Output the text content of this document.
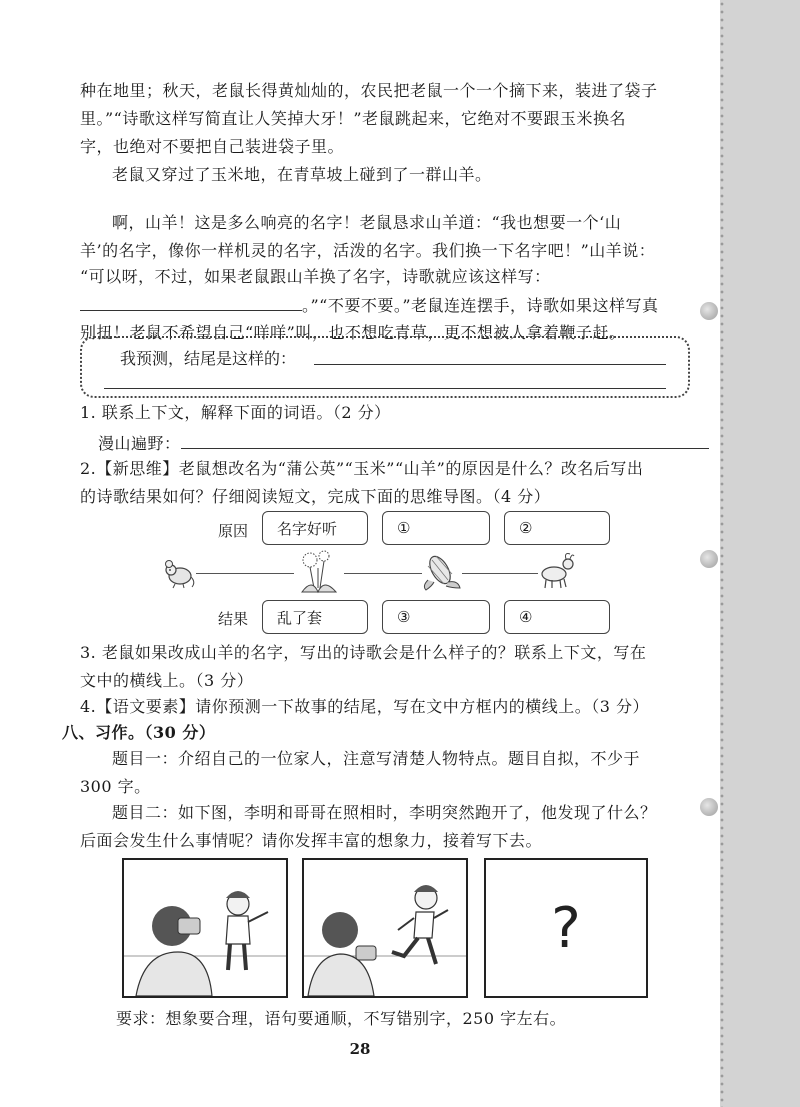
种在地里；秋天，老鼠长得黄灿灿的，农民把老鼠一个一个摘下来，装进了袋子
里。”“诗歌这样写简直让人笑掉大牙！”老鼠跳起来，它绝对不要跟玉米换名
字，也绝对不要把自己装进袋子里。
老鼠又穿过了玉米地，在青草坡上碰到了一群山羊。
啊，山羊！这是多么响亮的名字！老鼠恳求山羊道：“我也想要一个‘山
羊’的名字，像你一样机灵的名字，活泼的名字。我们换一下名字吧！”山羊说：
“可以呀，不过，如果老鼠跟山羊换了名字，诗歌就应该这样写：
。”“不要不要。”老鼠连连摆手，诗歌如果这样写真
别扭！老鼠不希望自己“咩咩”叫，也不想吃青草，更不想被人拿着鞭子赶。
我预测，结尾是这样的：
1. 联系上下文，解释下面的词语。（2 分）
漫山遍野：
2.【新思维】老鼠想改名为“蒲公英”“玉米”“山羊”的原因是什么？改名后写出
的诗歌结果如何？仔细阅读短文，完成下面的思维导图。（4 分）
原因	名字好听	①	②
结果	乱了套	③	④
3. 老鼠如果改成山羊的名字，写出的诗歌会是什么样子的？联系上下文，写在
文中的横线上。（3 分）
4.【语文要素】请你预测一下故事的结尾，写在文中方框内的横线上。（3 分）
八、习作。（30 分）
题目一：介绍自己的一位家人，注意写清楚人物特点。题目自拟，不少于
300 字。
题目二：如下图，李明和哥哥在照相时，李明突然跑开了，他发现了什么？
后面会发生什么事情呢？请你发挥丰富的想象力，接着写下去。
?
要求：想象要合理，语句要通顺，不写错别字，250 字左右。
28
